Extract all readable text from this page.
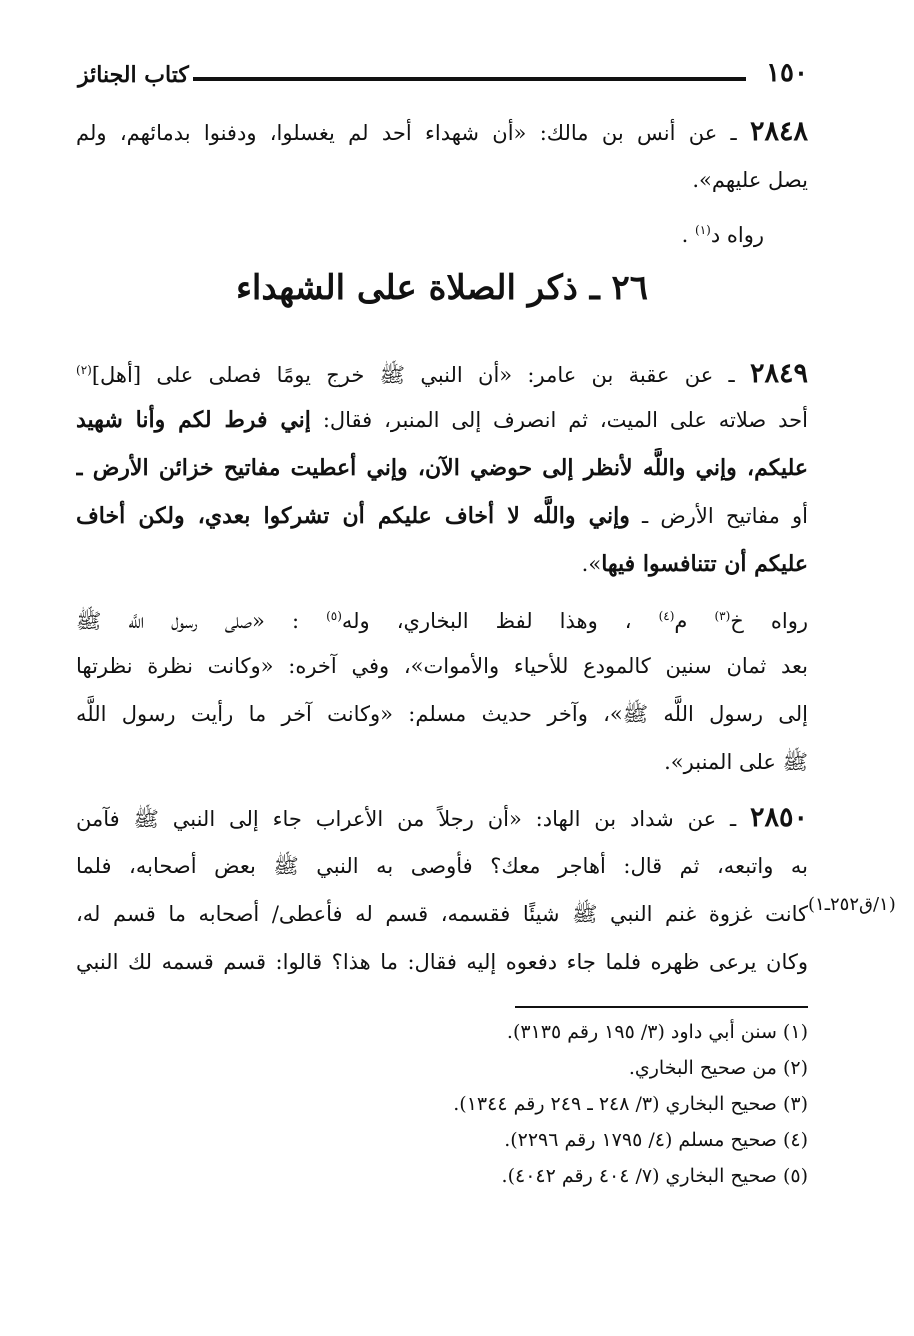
١٥٠
كتاب الجنائز
٢٨٤٨ ـ عن أنس بن مالك: «أن شهداء أحد لم يغسلوا، ودفنوا بدمائهم، ولم
يصل عليهم».
رواه د$^{(١)}$ .
٢٦ ـ ذكر الصلاة على الشهداء
٢٨٤٩ ـ عن عقبة بن عامر: «أن النبي ﷺ خرج يومًا فصلى على [أهل]$^{(٢)}$
أحد صلاته على الميت، ثم انصرف إلى المنبر، فقال: إني فرط لكم وأنا شهيد
عليكم، وإني واللَّه لأنظر إلى حوضي الآن، وإني أعطيت مفاتيح خزائن الأرض ـ
أو مفاتيح الأرض ـ وإني واللَّه لا أخاف عليكم أن تشركوا بعدي، ولكن أخاف
عليكم أن تتنافسوا فيها».
رواه خ$^{(٣)}$ م$^{(٤)}$ ، وهذا لفظ البخاري، وله$^{(٥)}$ : «صلى رسول اللَّه ﷺ
بعد ثمان سنين كالمودع للأحياء والأموات»، وفي آخره: «وكانت نظرة نظرتها
إلى رسول اللَّه ﷺ»، وآخر حديث مسلم: «وكانت آخر ما رأيت رسول اللَّه
ﷺ على المنبر».
٢٨٥٠ ـ عن شداد بن الهاد: «أن رجلاً من الأعراب جاء إلى النبي ﷺ فآمن
به واتبعه، ثم قال: أهاجر معك؟ فأوصى به النبي ﷺ بعض أصحابه، فلما
كانت غزوة غنم النبي ﷺ شيئًا فقسمه، قسم له فأعطى/ أصحابه ما قسم له، (١/ق٢٥٢ـ١)
وكان يرعى ظهره فلما جاء دفعوه إليه فقال: ما هذا؟ قالوا: قسم قسمه لك النبي
(١) سنن أبي داود (٣/ ١٩٥ رقم ٣١٣٥).
(٢) من صحيح البخاري.
(٣) صحيح البخاري (٣/ ٢٤٨ ـ ٢٤٩ رقم ١٣٤٤).
(٤) صحيح مسلم (٤/ ١٧٩٥ رقم ٢٢٩٦).
(٥) صحيح البخاري (٧/ ٤٠٤ رقم ٤٠٤٢).
